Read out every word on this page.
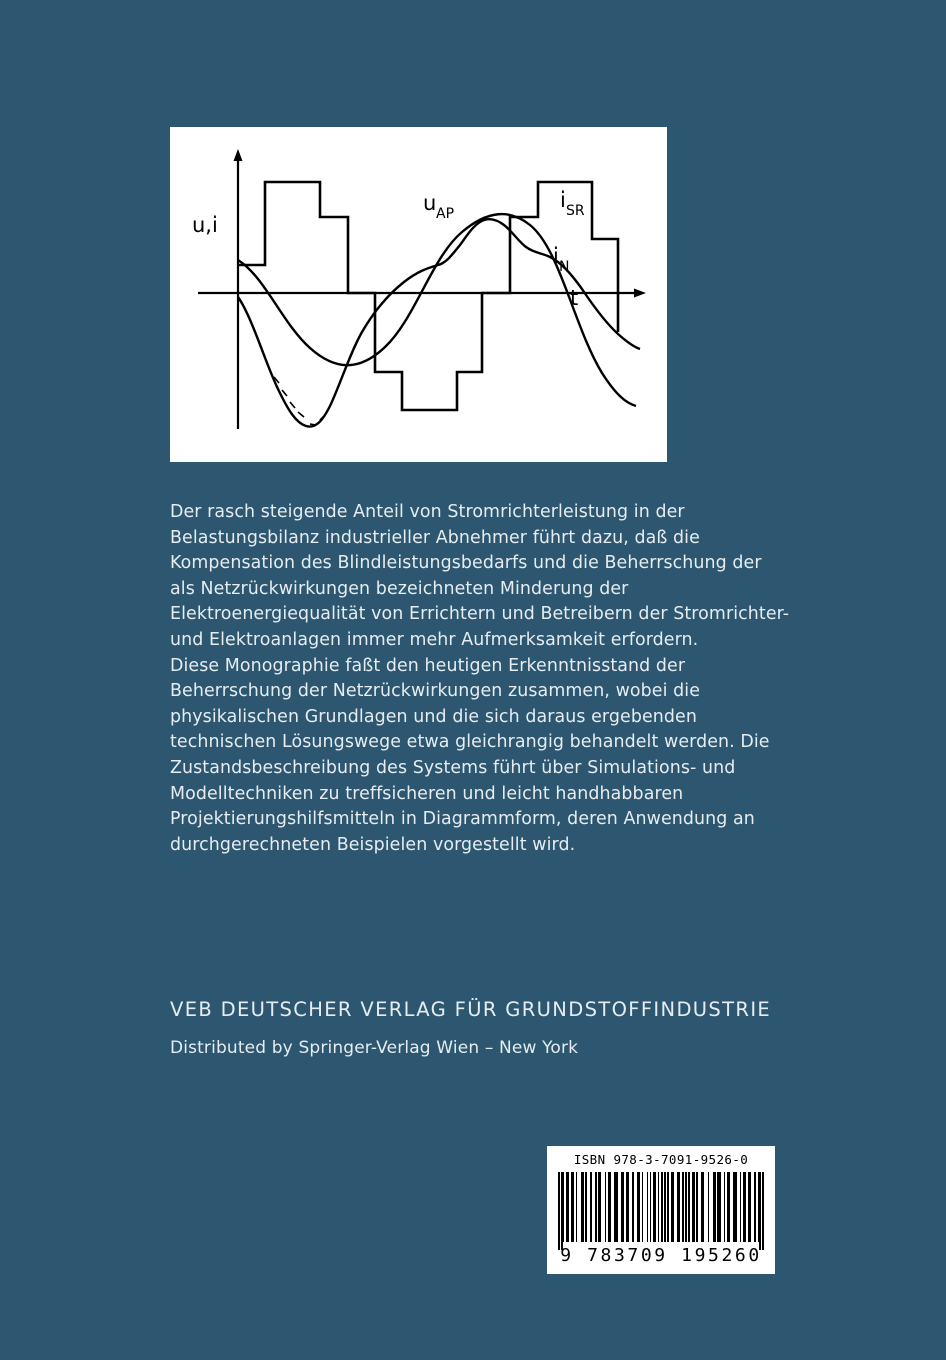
u,i
u AP
i SR
i N
t

Der rasch steigende Anteil von Stromrichterleistung in der Belastungsbilanz industrieller Abnehmer führt dazu, daß die Kompensation des Blindleistungsbedarfs und die Beherrschung der als Netzrückwirkungen bezeichneten Minderung der Elektroenergiequalität von Errichtern und Betreibern der Stromrichter- und Elektroanlagen immer mehr Aufmerksamkeit erfordern.

Diese Monographie faßt den heutigen Erkenntnisstand der Beherrschung der Netzrückwirkungen zusammen, wobei die physikalischen Grundlagen und die sich daraus ergebenden technischen Lösungswege etwa gleichrangig behandelt werden. Die Zustandsbeschreibung des Systems führt über Simulations- und Modelltechniken zu treffsicheren und leicht handhabbaren Projektierungshilfsmitteln in Diagrammform, deren Anwendung an durchgerechneten Beispielen vorgestellt wird.

VEB DEUTSCHER VERLAG FÜR GRUNDSTOFFINDUSTRIE
Distributed by Springer-Verlag Wien – New York
ISBN 978-3-7091-9526-0
9 783709 195260
